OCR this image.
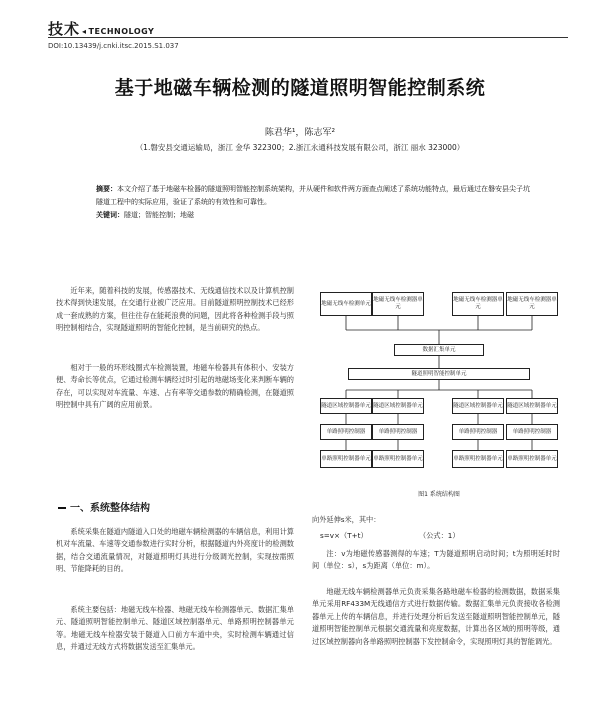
技术 ◂ TECHNOLOGY
DOI:10.13439/j.cnki.itsc.2015.S1.037
基于地磁车辆检测的隧道照明智能控制系统
陈君华¹，陈志军²
（1.磐安县交通运输局，浙江 金华 322300；2.浙江永通科技发展有限公司，浙江 丽水 323000）
摘要：本文介绍了基于地磁车检器的隧道照明智能控制系统架构，并从硬件和软件两方面查点阐述了系统功能特点，最后通过在磐安县尖子坑隧道工程中的实际应用，验证了系统的有效性和可靠性。
关键词：隧道；智能控制；地磁
近年来，随着科技的发展，传感器技术、无线通信技术以及计算机控制技术得到快速发展，在交通行业被广泛应用。目前隧道照明控制技术已经形成一套成熟的方案，但往往存在能耗浪费的问题，因此将各种检测手段与照明控制相结合，实现隧道照明的智能化控制，是当前研究的热点。
相对于一般的环形线圈式车检测装置，地磁车检器具有体积小、安装方便、寿命长等优点，它通过检测车辆经过时引起的地磁场变化来判断车辆的存在，可以实现对车流量、车速、占有率等交通参数的精确检测，在隧道照明控制中具有广阔的应用前景。
一、系统整体结构
系统采集在隧道内隧道入口处的地磁车辆检测器的车辆信息，利用计算机对车流量、车速等交通参数进行实时分析，根据隧道内外亮度计的检测数据，结合交通流量情况，对隧道照明灯具进行分级调光控制，实现按需照明、节能降耗的目的。
系统主要包括：地磁无线车检器、地磁无线车检测器单元、数据汇集单元、隧道照明智能控制单元、隧道区域控制器单元、单路照明控制器单元等。地磁无线车检器安装于隧道入口前方车道中央，实时检测车辆通过信息，并通过无线方式将数据发送至汇集单元。
地磁无线车检测单元
地磁无线车检测器单元
地磁无线车检测器单元
地磁无线车检测器单元
数据汇集单元
隧道照明智能控制单元
隧道区域控制器单元 隧道区域控制器单元	隧道区域控制器单元 隧道区域控制器单元
单路照明控制器	单路照明控制器	单路照明控制器	单路照明控制器
单路照明控制器单元 单路照明控制器单元	单路照明控制器单元 单路照明控制器单元
图1 系统结构图
向外延伸s米，其中：
s=v×（T+t）	（公式：1）
注：v为地磁传感器测得的车速；T为隧道照明启动时间；t为照明延时时间（单位：s），s为距离（单位：m）。
地磁无线车辆检测器单元负责采集各路地磁车检器的检测数据，数据采集单元采用RF433M无线通信方式进行数据传输。数据汇集单元负责接收各检测器单元上传的车辆信息，并进行处理分析后发送至隧道照明智能控制单元，隧道照明智能控制单元根据交通流量和亮度数据，计算出各区域的照明等级，通过区域控制器向各单路照明控制器下发控制命令，实现照明灯具的智能调光。
